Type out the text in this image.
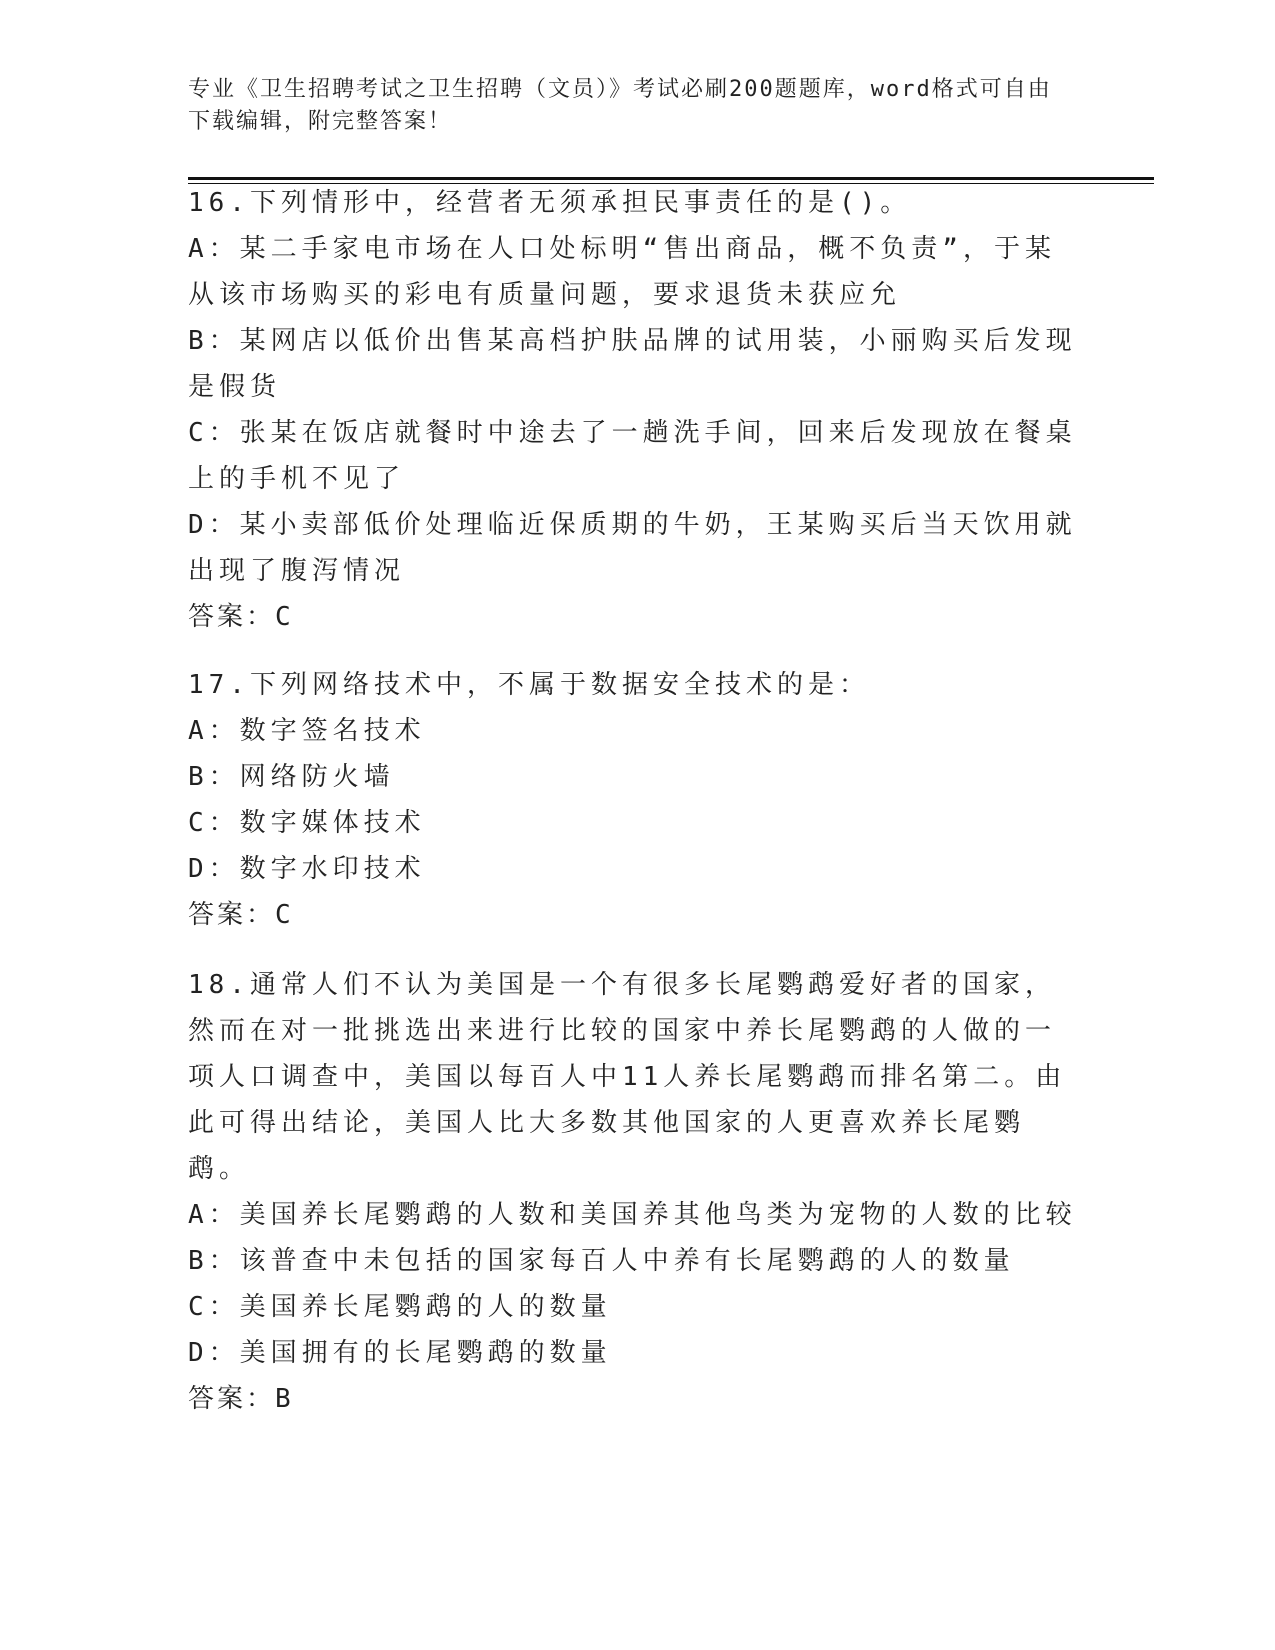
专业《卫生招聘考试之卫生招聘（文员）》考试必刷200题题库，word格式可自由下载编辑，附完整答案！

16.下列情形中，经营者无须承担民事责任的是()。

A：某二手家电市场在人口处标明“售出商品，概不负责”，于某从该市场购买的彩电有质量问题，要求退货未获应允

B：某网店以低价出售某高档护肤品牌的试用装，小丽购买后发现是假货

C：张某在饭店就餐时中途去了一趟洗手间，回来后发现放在餐桌上的手机不见了

D：某小卖部低价处理临近保质期的牛奶，王某购买后当天饮用就出现了腹泻情况

答案：C

17.下列网络技术中，不属于数据安全技术的是：

A：数字签名技术

B：网络防火墙

C：数字媒体技术

D：数字水印技术

答案：C

18.通常人们不认为美国是一个有很多长尾鹦鹉爱好者的国家，然而在对一批挑选出来进行比较的国家中养长尾鹦鹉的人做的一项人口调查中，美国以每百人中11人养长尾鹦鹉而排名第二。由此可得出结论，美国人比大多数其他国家的人更喜欢养长尾鹦鹉。

A：美国养长尾鹦鹉的人数和美国养其他鸟类为宠物的人数的比较

B：该普查中未包括的国家每百人中养有长尾鹦鹉的人的数量

C：美国养长尾鹦鹉的人的数量

D：美国拥有的长尾鹦鹉的数量

答案：B
